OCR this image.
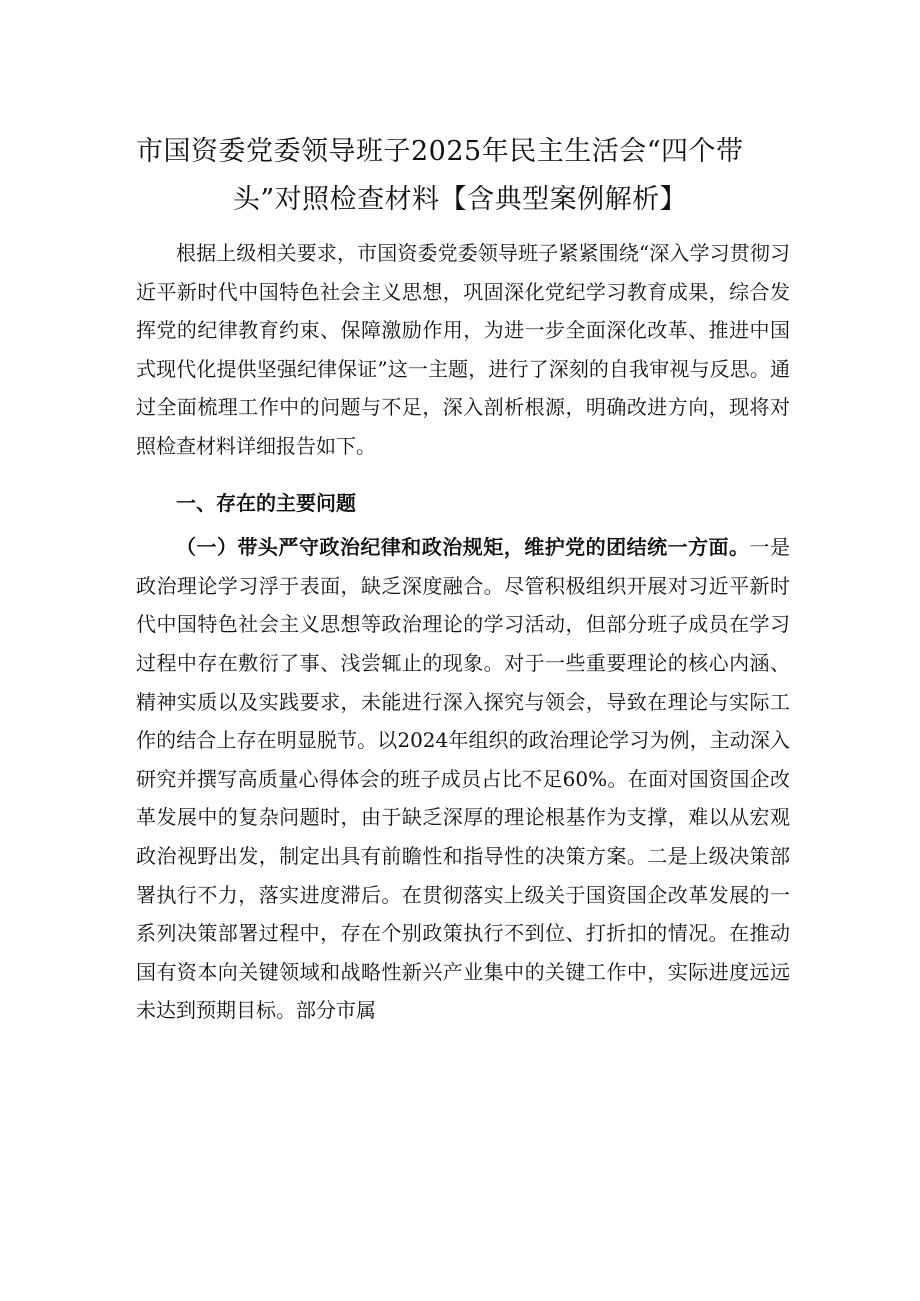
市国资委党委领导班子2025年民主生活会“四个带
头”对照检查材料【含典型案例解析】

根据上级相关要求，市国资委党委领导班子紧紧围绕“深入学习贯彻习近平新时代中国特色社会主义思想，巩固深化党纪学习教育成果，综合发挥党的纪律教育约束、保障激励作用，为进一步全面深化改革、推进中国式现代化提供坚强纪律保证”这一主题，进行了深刻的自我审视与反思。通过全面梳理工作中的问题与不足，深入剖析根源，明确改进方向，现将对照检查材料详细报告如下。

一、存在的主要问题

（一）带头严守政治纪律和政治规矩，维护党的团结统一方面。一是政治理论学习浮于表面，缺乏深度融合。尽管积极组织开展对习近平新时代中国特色社会主义思想等政治理论的学习活动，但部分班子成员在学习过程中存在敷衍了事、浅尝辄止的现象。对于一些重要理论的核心内涵、精神实质以及实践要求，未能进行深入探究与领会，导致在理论与实际工作的结合上存在明显脱节。以2024年组织的政治理论学习为例，主动深入研究并撰写高质量心得体会的班子成员占比不足60%。在面对国资国企改革发展中的复杂问题时，由于缺乏深厚的理论根基作为支撑，难以从宏观政治视野出发，制定出具有前瞻性和指导性的决策方案。二是上级决策部署执行不力，落实进度滞后。在贯彻落实上级关于国资国企改革发展的一系列决策部署过程中，存在个别政策执行不到位、打折扣的情况。在推动国有资本向关键领域和战略性新兴产业集中的关键工作中，实际进度远远未达到预期目标。部分市属
